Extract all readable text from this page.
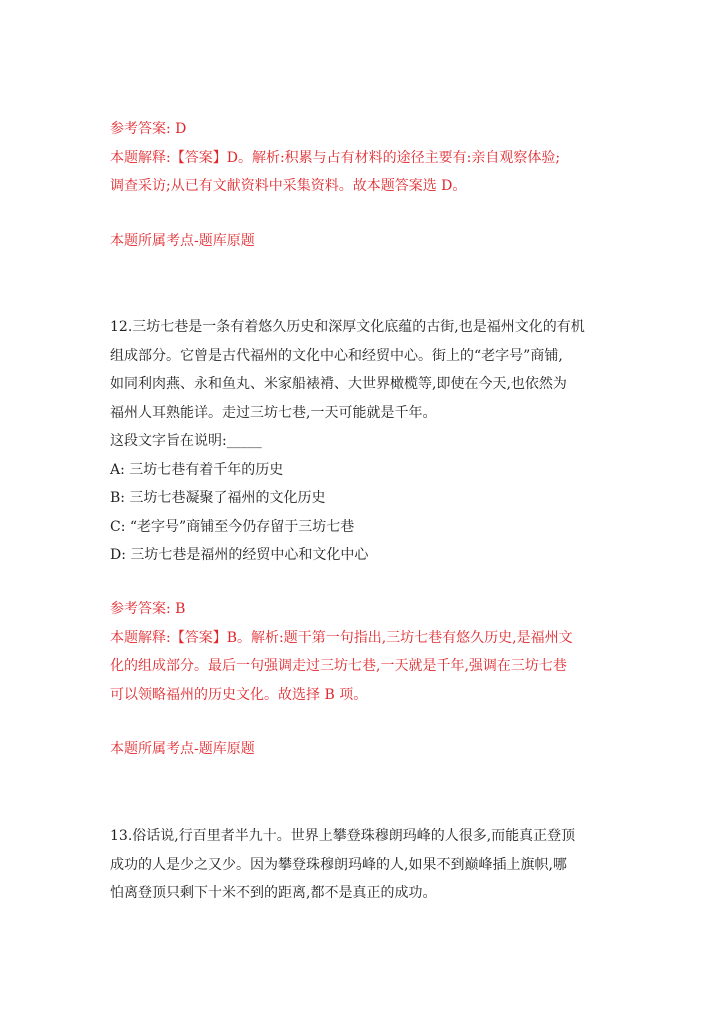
参考答案: D
本题解释:【答案】D。解析:积累与占有材料的途径主要有:亲自观察体验;
调查采访;从已有文献资料中采集资料。故本题答案选 D。
本题所属考点-题库原题
12.三坊七巷是一条有着悠久历史和深厚文化底蕴的古街,也是福州文化的有机
组成部分。它曾是古代福州的文化中心和经贸中心。街上的“老字号”商铺,
如同利肉燕、永和鱼丸、米家船裱褙、大世界橄榄等,即使在今天,也依然为
福州人耳熟能详。走过三坊七巷,一天可能就是千年。
这段文字旨在说明:_____
A: 三坊七巷有着千年的历史
B: 三坊七巷凝聚了福州的文化历史
C: “老字号”商铺至今仍存留于三坊七巷
D: 三坊七巷是福州的经贸中心和文化中心
参考答案: B
本题解释:【答案】B。解析:题干第一句指出,三坊七巷有悠久历史,是福州文
化的组成部分。最后一句强调走过三坊七巷,一天就是千年,强调在三坊七巷
可以领略福州的历史文化。故选择 B 项。
本题所属考点-题库原题
13.俗话说,行百里者半九十。世界上攀登珠穆朗玛峰的人很多,而能真正登顶
成功的人是少之又少。因为攀登珠穆朗玛峰的人,如果不到巅峰插上旗帜,哪
怕离登顶只剩下十米不到的距离,都不是真正的成功。
